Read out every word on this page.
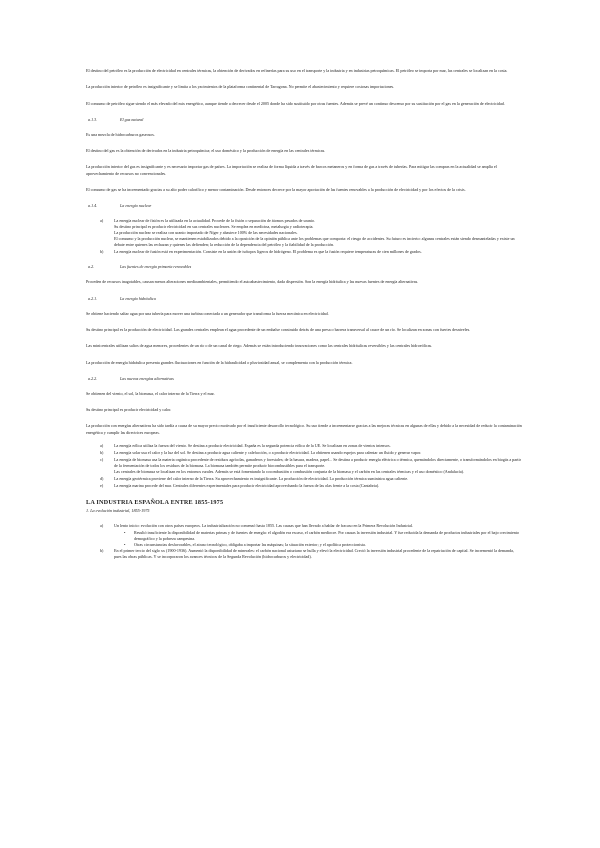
El destino del petróleo es la producción de electricidad en centrales térmicas, la obtención de derivados en refinerías para su uso en el transporte y la industria y en industrias petroquímicas. El petróleo se importa por mar, las centrales se localizan en la costa.

La producción interior de petróleo es insignificante y se limita a los yacimientos de la plataforma continental de Tarragona. No permite el abastecimiento y requiere costosas importaciones.

El consumo de petróleo sigue siendo el más elevado del mix energético, aunque tiende a decrecer desde el 2005 donde ha sido sustituido por otras fuentes. Además se prevé un continuo descenso por su sustitución por el gas en la generación de electricidad.

a.1.3.	El gas natural

Es una mezcla de hidrocarburos gaseosos.

El destino del gas es la obtención de derivados en la industria petroquímica; el uso doméstico y la producción de energía en las centrales térmicas.

La producción interior del gas es insignificante y es necesario importar gas de países. La importación se realiza de forma líquida a través de barcos metaneros y en forma de gas a través de tuberías. Para mitigar las compras en la actualidad se amplía el aprovechamiento de recursos no convencionales.

El consumo de gas se ha incrementado gracias a su alto poder calorífico y menor contaminación. Desde entonces decrece por la mayor aportación de las fuentes renovables a la producción de electricidad y por los efectos de la crisis.

a.1.4.	La energía nuclear
a)	La energía nuclear de fisión es la utilizada en la actualidad. Procede de la fisión o separación de átomos pesados de uranio.
Su destino principal es producir electricidad en sus centrales nucleares. Se emplea en medicina, metalurgia y radioterapia.
La producción nuclear se realiza con uranio importado de Níger y abastece 100% de las necesidades nacionales.
El consumo y la producción nuclear, se mantienen estabilizados debido a la oposición de la opinión pública ante los problemas que comporta: el riesgo de accidentes. Su futuro es incierto: algunas centrales están siendo desmanteladas y existe un debate entre quienes las rechazan y quienes las defienden; la reducción de la dependencia del petróleo y la fiabilidad de la producción.
b)	La energía nuclear de fusión está en experimentación. Consiste en la unión de isótopos ligeros de hidrógeno. El problema es que la fusión requiere temperaturas de cien millones de grados.
a.2.	Las fuentes de energía primaria renovables

Proceden de recursos inagotables, causan menos alteraciones medioambientales, permitiendo el autoabastecimiento, dada dispersión. Son la energía hidráulica y las nuevas fuentes de energía alternativas.

a.2.1.	La energía hidráulica

Se obtiene haciendo saltar agua por una tubería para mover una turbina conectada a un generador que transforma la fuerza mecánica en electricidad.

Su destino principal es la producción de electricidad. Las grandes centrales emplean el agua procedente de un embalse construido detrás de una presa o barrera transversal al cauce de un río. Se localizan en zonas con fuertes desniveles.

Las minicentrales utilizan saltos de agua menores, procedentes de un río o de un canal de riego. Además se están introduciendo innovaciones como las centrales hidráulicas reversibles y las centrales hidroeólicas.

La producción de energía hidráulica presenta grandes fluctuaciones en función de la hidraulicidad o pluviosidad anual, se complementa con la producción térmica.

a.2.2.	Las nuevas energías alternativas

Se obtienen del viento, el sol, la biomasa, el calor interno de la Tierra y el mar.

Su destino principal es producir electricidad y calor.

La producción con energías alternativas ha sido tardía a causa de su mayor precio motivado por el insuficiente desarrollo tecnológico. Su uso tiende a incrementarse gracias a las mejoras técnicas en algunas de ellas y debido a la necesidad de reducir la contaminación energética y cumplir las directrices europeas.

a)	La energía eólica utiliza la fuerza del viento. Se destina a producir electricidad. España es la segunda potencia eólica de la UE. Se localizan en zonas de vientos intensos.
b)	La energía solar usa el calor y la luz del sol. Se destina a producir agua caliente y calefacción, o a producir electricidad. La obtienen usando espejos para calentar un fluido y generar vapor.
c)	La energía de biomasa usa la materia orgánica procedente de residuos agrícolas, ganaderos y forestales; de la basura, madera, papel... Se destina a producir energía eléctrica o térmica, quemándolos directamente, o transformándolos en biogás a partir de la fermentación de todos los residuos de la biomasa. La biomasa también permite producir biocombustibles para el transporte.
Las centrales de biomasa se localizan en los entornos rurales. Además se está fomentando la cocombustión o combustión conjunta de la biomasa y el carbón en las centrales térmicas y el uso doméstico (Andalucía).
d)	La energía geotérmica proviene del calor interno de la Tierra. Su aprovechamiento es insignificante. La producción de electricidad. La producción térmica suministra agua caliente.
e)	La energía marina procede del mar. Centrales diferentes experimentales para producir electricidad aprovechando la fuerza de las olas frente a la costa (Cantabria).
LA INDUSTRIA ESPAÑOLA ENTRE 1855-1975
1. La evolución industrial, 1855-1975
a)	Un lento inicio: evolución con otros países europeos. La industrialización no comenzó hasta 1855. Las causas que han llevado a hablar de fracaso en la Primera Revolución Industrial.
•	Resultó insuficiente la disponibilidad de materias primas y de fuentes de energía: el algodón era escaso, el carbón mediocre. Por causas la inversión industrial. Y fue reducida la demanda de productos industriales por el bajo crecimiento demográfico y la pobreza campesina.
•	Otras circunstancias desfavorables, el atraso tecnológico, obligaba a importar las máquinas; la situación exterior; y el apolítica proteccionista.
b)	En el primer tercio del siglo xx (1900-1936). Aumentó la disponibilidad de minerales: el carbón nacional asturiano se hulla y elevó la electricidad. Creció la inversión industrial procedente de la repatriación de capital. Se incrementó la demanda, pues las obras públicas. Y se incorporaron los avances técnicos de la Segunda Revolución (hidrocarburos y electricidad).
